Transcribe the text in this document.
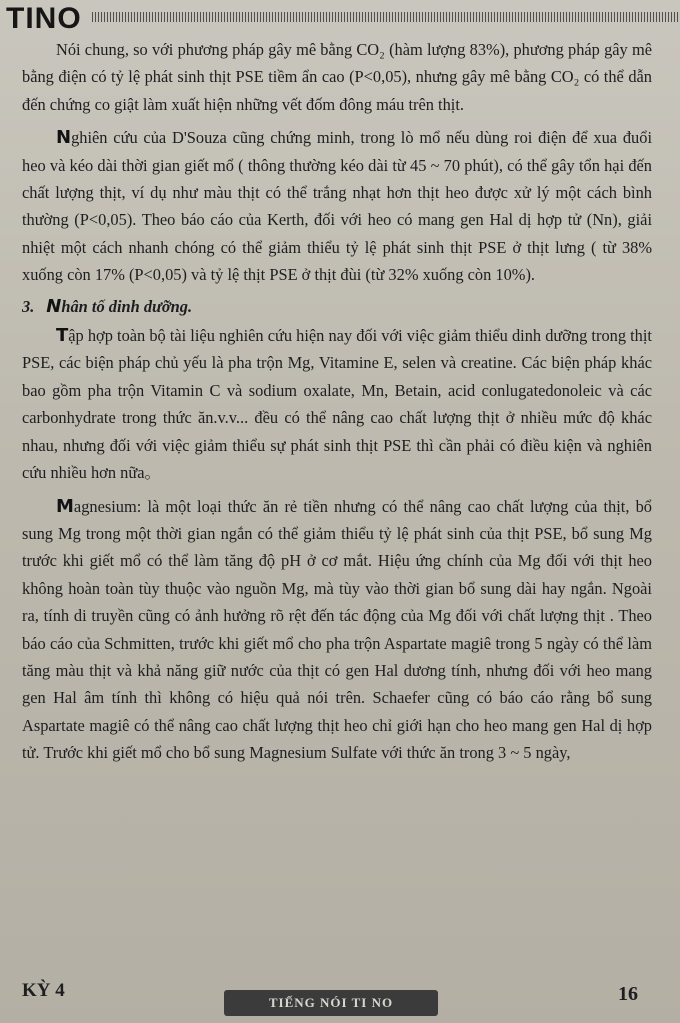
TINO

Nói chung, so với phương pháp gây mê bằng CO₂ (hàm lượng 83%), phương pháp gây mê bằng điện có tỷ lệ phát sinh thịt PSE tiềm ẩn cao (P<0,05), nhưng gây mê bằng CO₂ có thể dẫn đến chứng co giật làm xuất hiện những vết đốm đông máu trên thịt.

Nghiên cứu của D'Souza cũng chứng minh, trong lò mổ nếu dùng roi điện để xua đuổi heo và kéo dài thời gian giết mổ ( thông thường kéo dài từ 45 ~ 70 phút), có thể gây tổn hại đến chất lượng thịt, ví dụ như màu thịt có thể trắng nhạt hơn thịt heo được xử lý một cách bình thường (P<0,05). Theo báo cáo của Kerth, đối với heo có mang gen Hal dị hợp tử (Nn), giải nhiệt một cách nhanh chóng có thể giảm thiểu tỷ lệ phát sinh thịt PSE ở thịt lưng ( từ 38% xuống còn 17% (P<0,05) và tỷ lệ thịt PSE ở thịt đùi (từ 32% xuống còn 10%).

3. Nhân tố dinh dưỡng.

Tập hợp toàn bộ tài liệu nghiên cứu hiện nay đối với việc giảm thiểu dinh dưỡng trong thịt PSE, các biện pháp chủ yếu là pha trộn Mg, Vitamine E, selen và creatine. Các biện pháp khác bao gồm pha trộn Vitamin C và sodium oxalate, Mn, Betain, acid conlugatedonoleic và các carbonhydrate trong thức ăn.v.v... đều có thể nâng cao chất lượng thịt ở nhiều mức độ khác nhau, nhưng đối với việc giảm thiểu sự phát sinh thịt PSE thì cần phải có điều kiện và nghiên cứu nhiều hơn nữa。

Magnesium: là một loại thức ăn rẻ tiền nhưng có thể nâng cao chất lượng của thịt, bổ sung Mg trong một thời gian ngắn có thể giảm thiểu tỷ lệ phát sinh của thịt PSE, bổ sung Mg trước khi giết mổ có thể làm tăng độ pH ở cơ mắt. Hiệu ứng chính của Mg đối với thịt heo không hoàn toàn tùy thuộc vào nguồn Mg, mà tùy vào thời gian bổ sung dài hay ngắn. Ngoài ra, tính di truyền cũng có ảnh hưởng rõ rệt đến tác động của Mg đối với chất lượng thịt . Theo báo cáo của Schmitten, trước khi giết mổ cho pha trộn Aspartate magiê trong 5 ngày có thể làm tăng màu thịt và khả năng giữ nước của thịt có gen Hal dương tính, nhưng đối với heo mang gen Hal âm tính thì không có hiệu quả nói trên. Schaefer cũng có báo cáo rằng bổ sung Aspartate magiê có thể nâng cao chất lượng thịt heo chỉ giới hạn cho heo mang gen Hal dị hợp tử. Trước khi giết mổ cho bổ sung Magnesium Sulfate với thức ăn trong 3 ~ 5 ngày,

KỲ 4
TIẾNG NÓI TI NO	16
